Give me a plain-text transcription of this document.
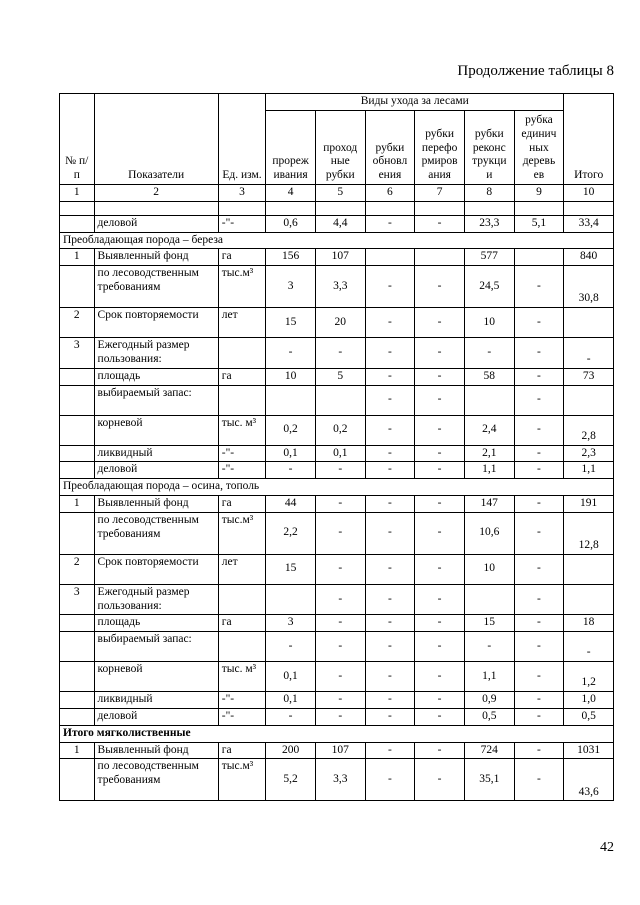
Продолжение таблицы 8
№ п/п	Показатели	Ед. изм.	Виды ухода за лесами						Итого
			прореж ивания	проход ные рубки	рубки обновл ения	рубки перефо рмиров ания	рубки реконс трукци и	рубка единич ных деревь ев	
1	2	3	4	5	6	7	8	9	10

	деловой	-"-	0,6	4,4	-	-	23,3	5,1	33,4
Преобладающая порода – береза									
1	Выявленный фонд	га	156	107			577		840
	по лесоводственным требованиям	тыс.м³	3	3,3	-	-	24,5	-	30,8
2	Срок повторяемости	лет	15	20	-	-	10	-	
3	Ежегодный размер пользования:		-	-	-	-	-	-	-
	площадь	га	10	5	-	-	58	-	73
	выбираемый запас:				-	-		-	
	корневой	тыс. м³	0,2	0,2	-	-	2,4	-	2,8
	ликвидный	-"-	0,1	0,1	-	-	2,1	-	2,3
	деловой	-"-	-	-	-	-	1,1	-	1,1
Преобладающая порода – осина, тополь									
1	Выявленный фонд	га	44	-	-	-	147	-	191
	по лесоводственным требованиям	тыс.м³	2,2	-	-	-	10,6	-	12,8
2	Срок повторяемости	лет	15	-	-	-	10	-	
3	Ежегодный размер пользования:			-	-	-		-	
	площадь	га	3	-	-	-	15	-	18
	выбираемый запас:		-	-	-	-	-	-	-
	корневой	тыс. м³	0,1	-	-	-	1,1	-	1,2
	ликвидный	-"-	0,1	-	-	-	0,9	-	1,0
	деловой	-"-	-	-	-	-	0,5	-	0,5
Итого мягколиственные									
1	Выявленный фонд	га	200	107	-	-	724	-	1031
	по лесоводственным требованиям	тыс.м³	5,2	3,3	-	-	35,1	-	43,6
42
